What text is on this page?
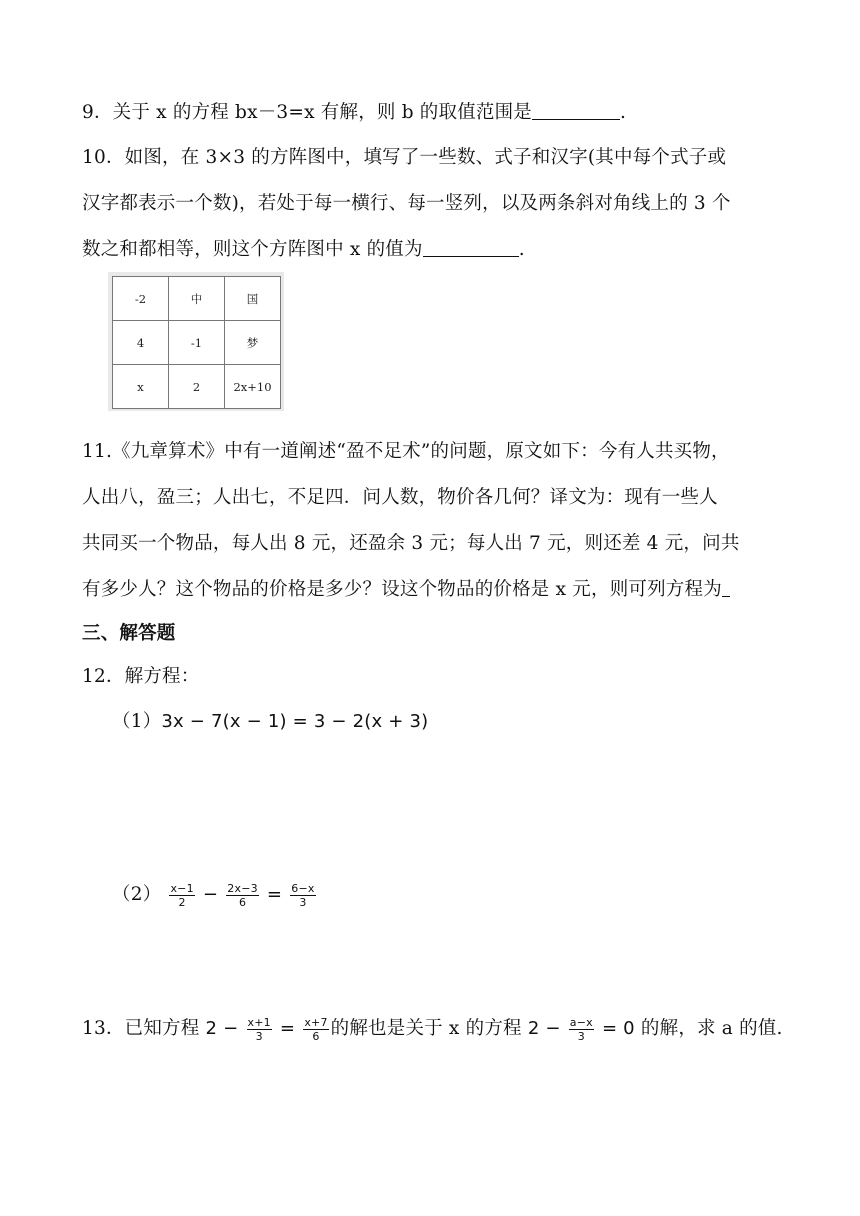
9．关于 x 的方程 bx－3=x 有解，则 b 的取值范围是	.
10．如图，在 3×3 的方阵图中，填写了一些数、式子和汉字(其中每个式子或
汉字都表示一个数)，若处于每一横行、每一竖列，以及两条斜对角线上的 3 个
数之和都相等，则这个方阵图中 x 的值为	.
-2	中	国
4	-1	梦
x	2	2x+10
11.《九章算术》中有一道阐述“盈不足术”的问题，原文如下：今有人共买物，
人出八，盈三；人出七，不足四．问人数，物价各几何？译文为：现有一些人
共同买一个物品，每人出 8 元，还盈余 3 元；每人出 7 元，则还差 4 元，问共
有多少人？这个物品的价格是多少？设这个物品的价格是 x 元，则可列方程为
三、解答题
12．解方程：
（1）3x − 7(x − 1) = 3 − 2(x + 3)
$(2) \frac{x-1}{2} - \frac{2x-3}{6} = \frac{6-x}{3}$
13．已知方程 $2 - \frac{x+1}{3} = \frac{x+7}{6}$ 的解也是关于 x 的方程 $2 - \frac{a-x}{3} = 0$ 的解，求 a 的值.
